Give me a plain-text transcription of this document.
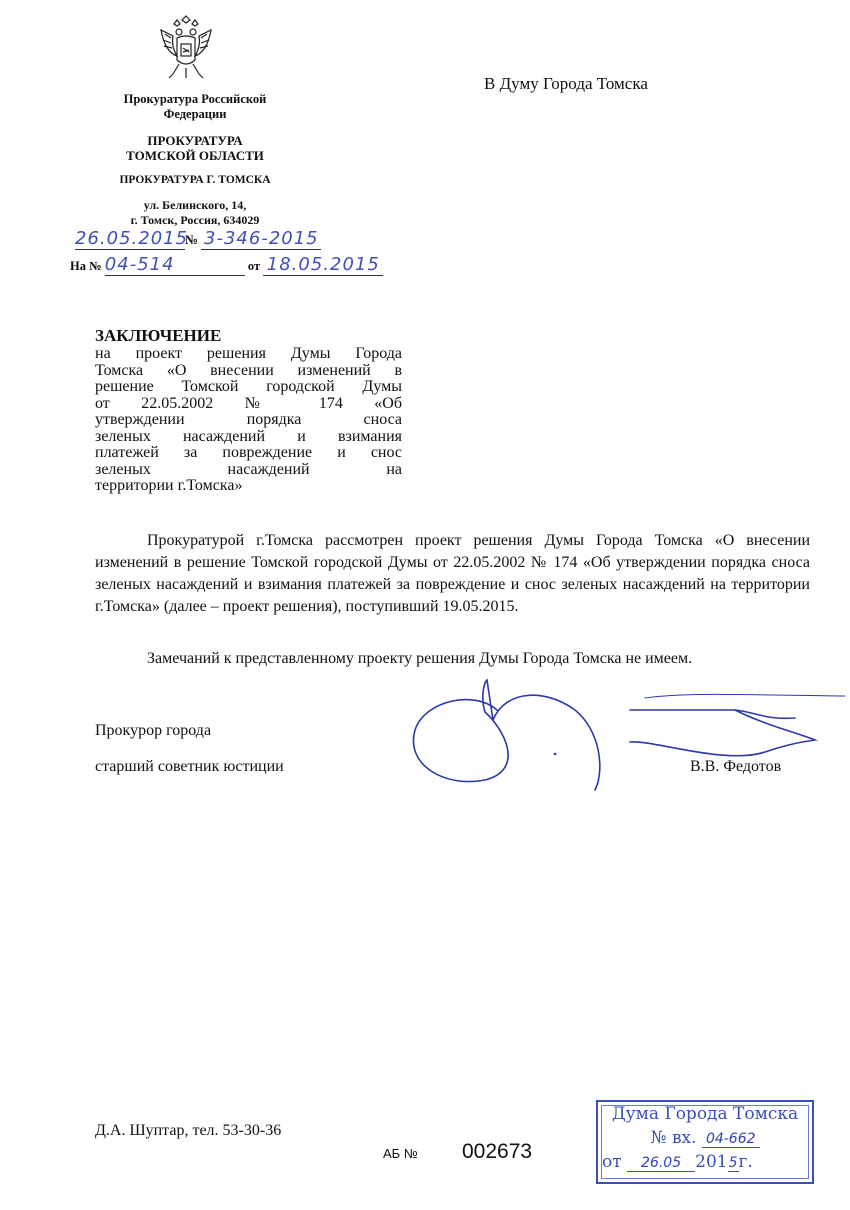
Прокуратура Российской Федерации
ПРОКУРАТУРА
ТОМСКОЙ ОБЛАСТИ
ПРОКУРАТУРА Г. ТОМСКА
ул. Белинского, 14,
г. Томск, Россия, 634029
26.05.2015№ 3-346-2015
На № 04-514	от 18.05.2015
В Думу Города Томска
ЗАКЛЮЧЕНИЕ
на проект решения Думы Города
Томска «О внесении изменений в
решение Томской городской Думы
от 22.05.2002 № 174 «Об
утверждении порядка сноса
зеленых насаждений и взимания
платежей за повреждение и снос
зеленых насаждений на
территории г.Томска»
Прокуратурой г.Томска рассмотрен проект решения Думы Города Томска «О внесении изменений в решение Томской городской Думы от 22.05.2002 № 174 «Об утверждении порядка сноса зеленых насаждений и взимания платежей за повреждение и снос зеленых насаждений на территории г.Томска» (далее – проект решения), поступивший 19.05.2015.
Замечаний к представленному проекту решения Думы Города Томска не имеем.
Прокурор города
старший советник юстиции	В.В. Федотов
Д.А. Шуптар, тел. 53-30-36
АБ № 002673
Дума Города Томска
№ вх. 04-662
от 26.05 2015г.
